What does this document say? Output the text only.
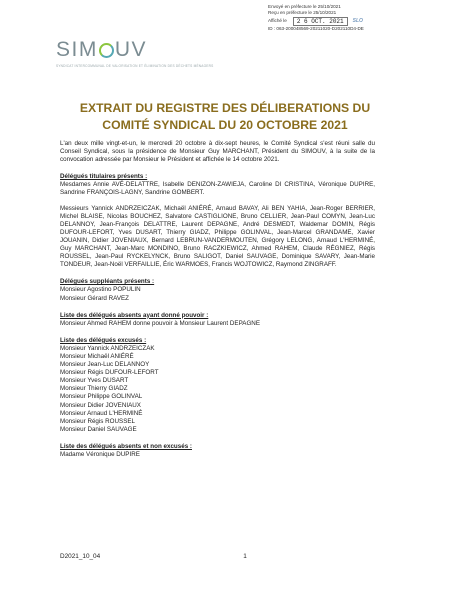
Envoyé en préfecture le 25/10/2021
Reçu en préfecture le 25/10/2021
Affiché le	2 6 OCT. 2021	SLO
ID : 063-200048569-20211020-D202110D4-DE
SIM UV
SYNDICAT INTERCOMMUNAL DE VALORISATION ET ÉLIMINATION DES DÉCHETS MÉNAGERS
EXTRAIT DU REGISTRE DES DÉLIBERATIONS DU
COMITÉ SYNDICAL DU 20 OCTOBRE 2021

L'an deux mille vingt-et-un, le mercredi 20 octobre à dix-sept heures, le Comité Syndical s'est réuni salle du Conseil Syndical, sous la présidence de Monsieur Guy MARCHANT, Président du SIMOUV, à la suite de la convocation adressée par Monsieur le Président et affichée le 14 octobre 2021.

Délégués titulaires présents :

Mesdames Annie AVÉ-DELATTRE, Isabelle DENIZON-ZAWIEJA, Caroline DI CRISTINA, Véronique DUPIRE, Sandrine FRANÇOIS-LAGNY, Sandrine GOMBERT.

Messieurs Yannick ANDRZEICZAK, Michaël ANIÉRÉ, Arnaud BAVAY, Ali BEN YAHIA, Jean-Roger BERRIER, Michel BLAISE, Nicolas BOUCHEZ, Salvatore CASTIGLIONE, Bruno CELLIER, Jean-Paul COMYN, Jean-Luc DELANNOY, Jean-François DELATTRE, Laurent DEPAGNE, André DESMEDT, Waldemar DOMIN, Régis DUFOUR-LEFORT, Yves DUSART, Thierry GIADZ, Philippe GOLINVAL, Jean-Marcel GRANDAME, Xavier JOUANIN, Didier JOVENIAUX, Bernard LEBRUN-VANDERMOUTEN, Grégory LELONG, Arnaud L'HERMINÉ, Guy MARCHANT, Jean-Marc MONDINO, Bruno RACZKIEWICZ, Ahmed RAHEM, Claude RÉGNIEZ, Régis ROUSSEL, Jean-Paul RYCKELYNCK, Bruno SALIGOT, Daniel SAUVAGE, Dominique SAVARY, Jean-Marie TONDEUR, Jean-Noël VERFAILLIE, Éric WARMOES, Francis WOJTOWICZ, Raymond ZINGRAFF.

Délégués suppléants présents :

Monsieur Agostino POPULIN
Monsieur Gérard RAVEZ

Liste des délégués absents ayant donné pouvoir :

Monsieur Ahmed RAHEM donne pouvoir à Monsieur Laurent DEPAGNE

Liste des délégués excusés :

Monsieur Yannick ANDRZEICZAK
Monsieur Michaël ANIÉRÉ
Monsieur Jean-Luc DELANNOY
Monsieur Régis DUFOUR-LEFORT
Monsieur Yves DUSART
Monsieur Thierry GIADZ
Monsieur Philippe GOLINVAL
Monsieur Didier JOVENIAUX
Monsieur Arnaud L'HERMINÉ
Monsieur Régis ROUSSEL
Monsieur Daniel SAUVAGE

Liste des délégués absents et non excusés :

Madame Véronique DUPIRE
D2021_10_04	1
